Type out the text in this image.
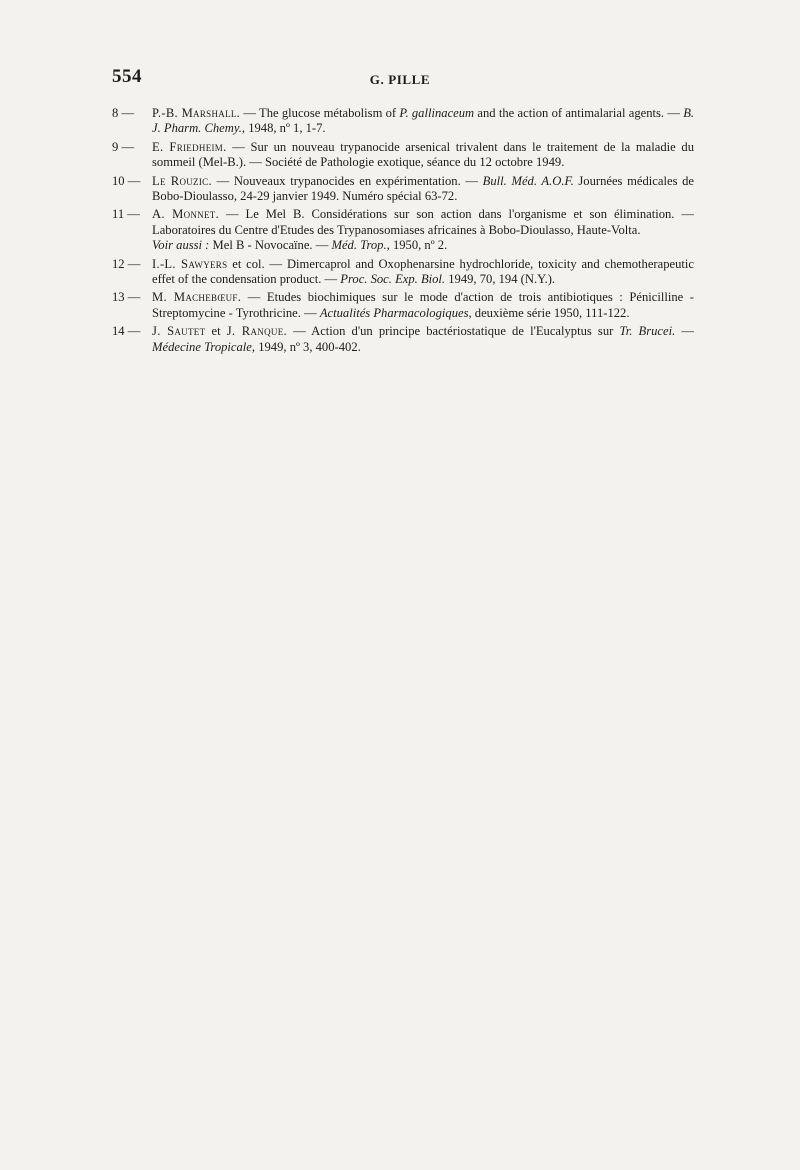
554	G. PILLE
8 —	P.-B. Marshall. — The glucose métabolism of P. gallinaceum and the action of antimalarial agents. — B. J. Pharm. Chemy., 1948, nº 1, 1-7.
9 —	E. Friedheim. — Sur un nouveau trypanocide arsenical trivalent dans le traitement de la maladie du sommeil (Mel-B.). — Société de Pathologie exotique, séance du 12 octobre 1949.
10 — Le Rouzic. — Nouveaux trypanocides en expérimentation. — Bull. Méd. A.O.F. Journées médicales de Bobo-Dioulasso, 24-29 janvier 1949. Numéro spécial 63-72.
11 — A. Monnet. — Le Mel B. Considérations sur son action dans l'organisme et son élimination. — Laboratoires du Centre d'Etudes des Trypanosomiases africaines à Bobo-Dioulasso, Haute-Volta.
Voir aussi : Mel B - Novocaïne. — Méd. Trop., 1950, nº 2.
12 — I.-L. Sawyers et col. — Dimercaprol and Oxophenarsine hydrochloride, toxicity and chemotherapeutic effet of the condensation product. — Proc. Soc. Exp. Biol. 1949, 70, 194 (N.Y.).
13 — M. Machebœuf. — Etudes biochimiques sur le mode d'action de trois antibiotiques : Pénicilline - Streptomycine - Tyrothricine. — Actualités Pharmacologiques, deuxième série 1950, 111-122.
14 — J. Sautet et J. Ranque. — Action d'un principe bactériostatique de l'Eucalyptus sur Tr. Brucei. — Médecine Tropicale, 1949, nº 3, 400-402.
